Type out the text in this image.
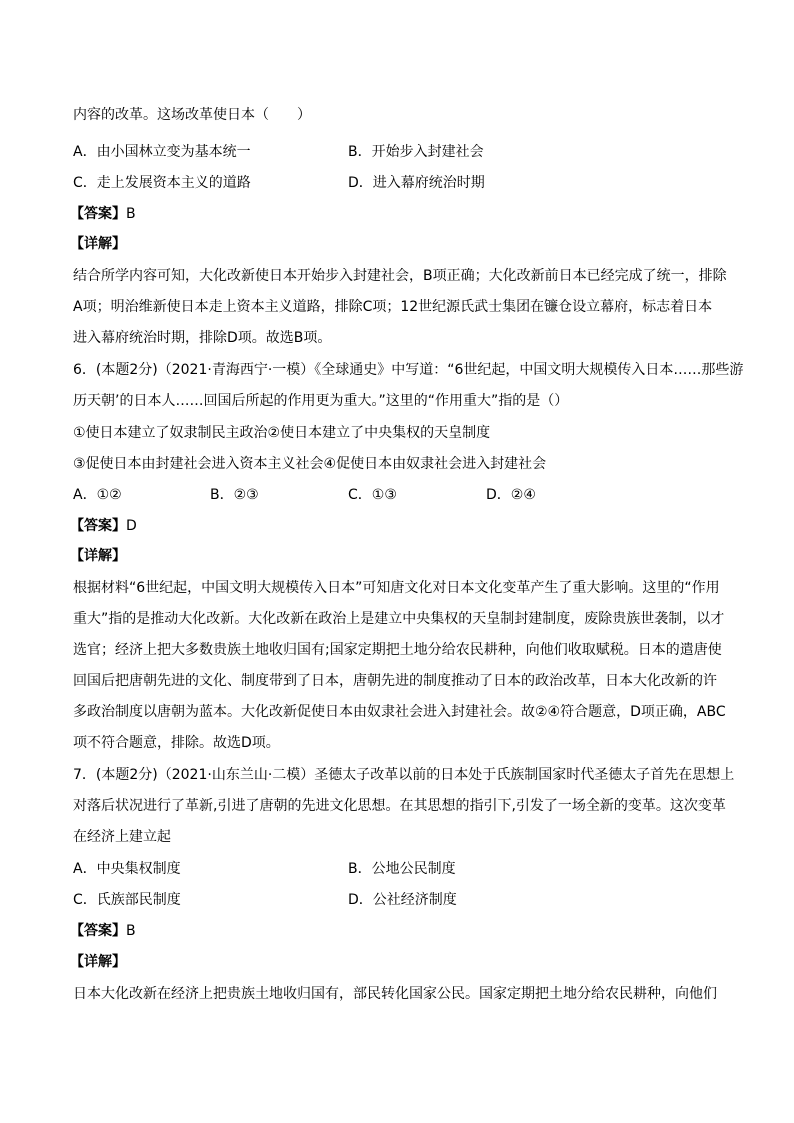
内容的改革。这场改革使日本（　　）
A．由小国林立变为基本统一	B．开始步入封建社会
C．走上发展资本主义的道路	D．进入幕府统治时期
【答案】B
【详解】
结合所学内容可知，大化改新使日本开始步入封建社会，B项正确；大化改新前日本已经完成了统一，排除
A项；明治维新使日本走上资本主义道路，排除C项；12世纪源氏武士集团在镰仓设立幕府，标志着日本
进入幕府统治时期，排除D项。故选B项。
6．(本题2分)（2021·青海西宁·一模）《全球通史》中写道：“6世纪起，中国文明大规模传入日本……那些游
历天朝’的日本人……回国后所起的作用更为重大。”这里的“作用重大”指的是（）
①使日本建立了奴隶制民主政治②使日本建立了中央集权的天皇制度
③促使日本由封建社会进入资本主义社会④促使日本由奴隶社会进入封建社会
A．①②	B．②③	C．①③	D．②④
【答案】D
【详解】
根据材料“6世纪起，中国文明大规模传入日本”可知唐文化对日本文化变革产生了重大影响。这里的“作用
重大”指的是推动大化改新。大化改新在政治上是建立中央集权的天皇制封建制度，废除贵族世袭制，以才
选官；经济上把大多数贵族土地收归国有;国家定期把土地分给农民耕种，向他们收取赋税。日本的遣唐使
回国后把唐朝先进的文化、制度带到了日本，唐朝先进的制度推动了日本的政治改革，日本大化改新的许
多政治制度以唐朝为蓝本。大化改新促使日本由奴隶社会进入封建社会。故②④符合题意，D项正确，ABC
项不符合题意，排除。故选D项。
7．(本题2分)（2021·山东兰山·二模）圣德太子改革以前的日本处于氏族制国家时代圣德太子首先在思想上
对落后状况进行了革新,引进了唐朝的先进文化思想。在其思想的指引下,引发了一场全新的变革。这次变革
在经济上建立起
A．中央集权制度	B．公地公民制度
C．氏族部民制度	D．公社经济制度
【答案】B
【详解】
日本大化改新在经济上把贵族土地收归国有，部民转化国家公民。国家定期把土地分给农民耕种，向他们
